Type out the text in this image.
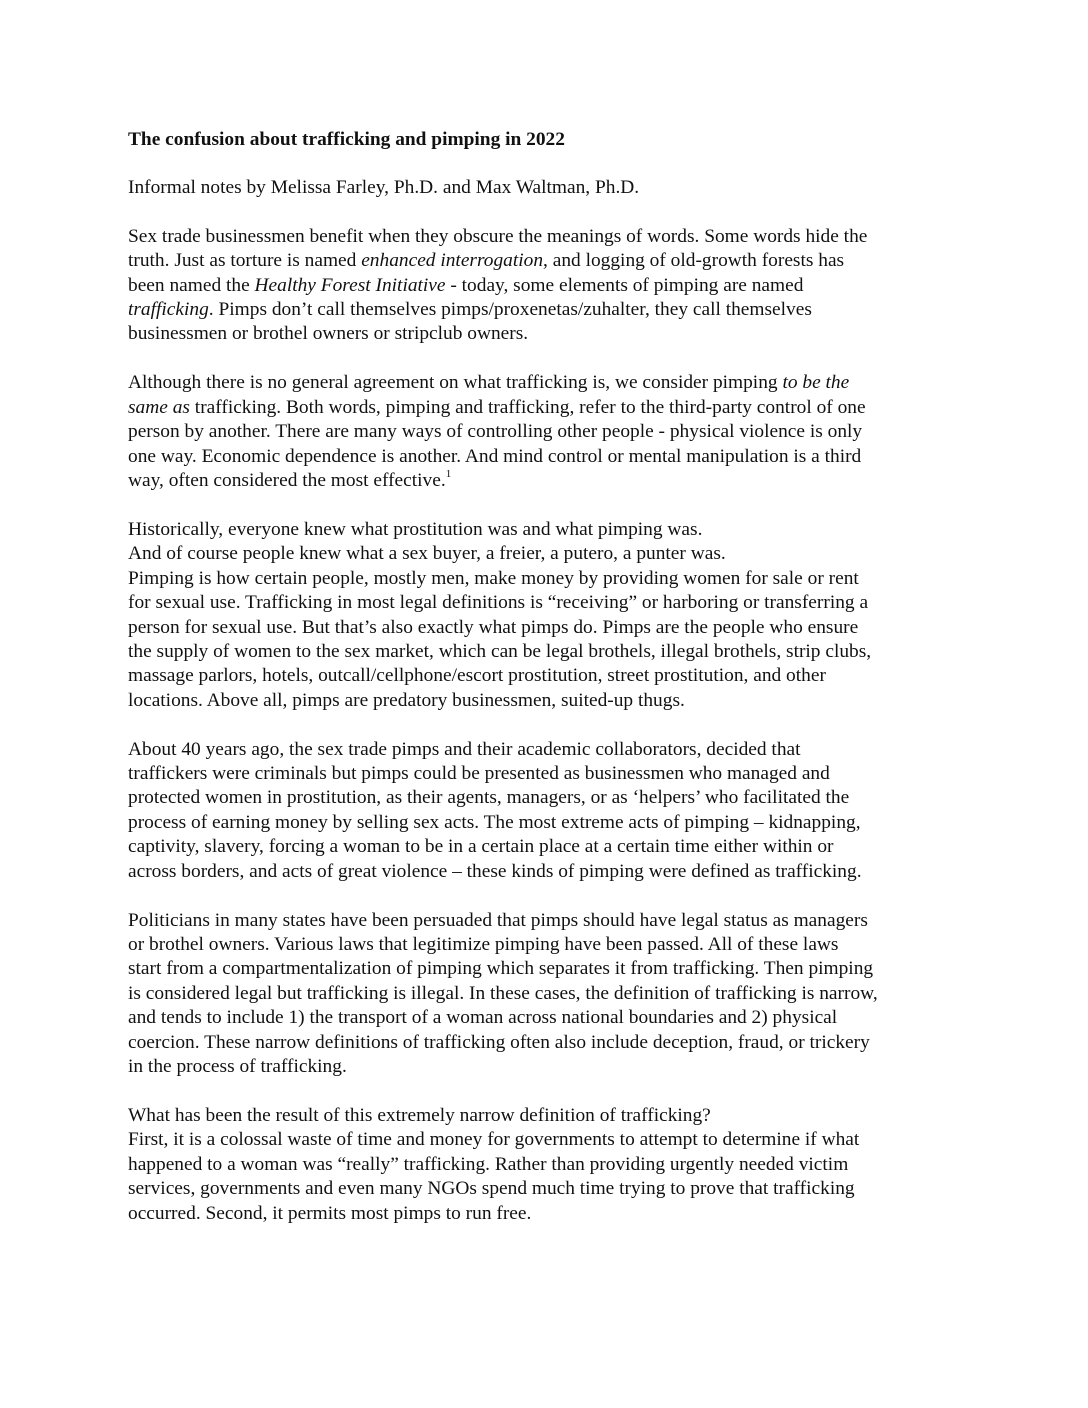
The confusion about trafficking and pimping in 2022
Informal notes by Melissa Farley, Ph.D. and Max Waltman, Ph.D.
Sex trade businessmen benefit when they obscure the meanings of words. Some words hide the
truth. Just as torture is named enhanced interrogation, and logging of old-growth forests has
been named the Healthy Forest Initiative - today, some elements of pimping are named
trafficking. Pimps don’t call themselves pimps/proxenetas/zuhalter, they call themselves
businessmen or brothel owners or stripclub owners.
Although there is no general agreement on what trafficking is, we consider pimping to be the
same as trafficking. Both words, pimping and trafficking, refer to the third-party control of one
person by another. There are many ways of controlling other people - physical violence is only
one way. Economic dependence is another. And mind control or mental manipulation is a third
way, often considered the most effective.$^1$
Historically, everyone knew what prostitution was and what pimping was.
And of course people knew what a sex buyer, a freier, a putero, a punter was.
Pimping is how certain people, mostly men, make money by providing women for sale or rent
for sexual use. Trafficking in most legal definitions is “receiving” or harboring or transferring a
person for sexual use. But that’s also exactly what pimps do. Pimps are the people who ensure
the supply of women to the sex market, which can be legal brothels, illegal brothels, strip clubs,
massage parlors, hotels, outcall/cellphone/escort prostitution, street prostitution, and other
locations. Above all, pimps are predatory businessmen, suited-up thugs.
About 40 years ago, the sex trade pimps and their academic collaborators, decided that
traffickers were criminals but pimps could be presented as businessmen who managed and
protected women in prostitution, as their agents, managers, or as ‘helpers’ who facilitated the
process of earning money by selling sex acts. The most extreme acts of pimping – kidnapping,
captivity, slavery, forcing a woman to be in a certain place at a certain time either within or
across borders, and acts of great violence – these kinds of pimping were defined as trafficking.
Politicians in many states have been persuaded that pimps should have legal status as managers
or brothel owners. Various laws that legitimize pimping have been passed. All of these laws
start from a compartmentalization of pimping which separates it from trafficking. Then pimping
is considered legal but trafficking is illegal. In these cases, the definition of trafficking is narrow,
and tends to include 1) the transport of a woman across national boundaries and 2) physical
coercion. These narrow definitions of trafficking often also include deception, fraud, or trickery
in the process of trafficking.
What has been the result of this extremely narrow definition of trafficking?
First, it is a colossal waste of time and money for governments to attempt to determine if what
happened to a woman was “really” trafficking. Rather than providing urgently needed victim
services, governments and even many NGOs spend much time trying to prove that trafficking
occurred. Second, it permits most pimps to run free.
